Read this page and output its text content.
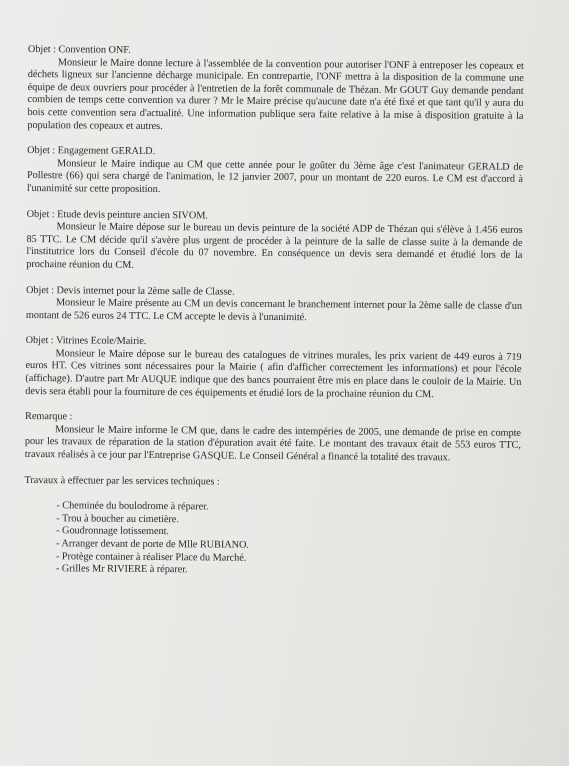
Objet : Convention ONF.

Monsieur le Maire donne lecture à l'assemblée de la convention pour autoriser l'ONF à entreposer les copeaux et déchets ligneux sur l'ancienne décharge municipale. En contrepartie, l'ONF mettra à la disposition de la commune une équipe de deux ouvriers pour procéder à l'entretien de la forêt communale de Thézan. Mr GOUT Guy demande pendant combien de temps cette convention va durer ? Mr le Maire précise qu'aucune date n'a été fixé et que tant qu'il y aura du bois cette convention sera d'actualité. Une information publique sera faite relative à la mise à disposition gratuite à la population des copeaux et autres.

Objet : Engagement GERALD.

Monsieur le Maire indique au CM que cette année pour le goûter du 3ème âge c'est l'animateur GERALD de Pollestre (66) qui sera chargé de l'animation, le 12 janvier 2007, pour un montant de 220 euros. Le CM est d'accord à l'unanimité sur cette proposition.

Objet : Etude devis peinture ancien SIVOM.

Monsieur le Maire dépose sur le bureau un devis peinture de la société ADP de Thézan qui s'élève à 1.456 euros 85 TTC. Le CM décide qu'il s'avère plus urgent de procéder à la peinture de la salle de classe suite à la demande de l'institutrice lors du Conseil d'école du 07 novembre. En conséquence un devis sera demandé et étudié lors de la prochaine réunion du CM.

Objet : Devis internet pour la 2ème salle de Classe.

Monsieur le Maire présente au CM un devis concernant le branchement internet pour la 2ème salle de classe d'un montant de 526 euros 24 TTC. Le CM accepte le devis à l'unanimité.

Objet : Vitrines Ecole/Mairie.

Monsieur le Maire dépose sur le bureau des catalogues de vitrines murales, les prix varient de 449 euros à 719 euros HT. Ces vitrines sont nécessaires pour la Mairie ( afin d'afficher correctement les informations) et pour l'école (affichage). D'autre part Mr AUQUE indique que des bancs pourraient être mis en place dans le couloir de la Mairie. Un devis sera établi pour la fourniture de ces équipements et étudié lors de la prochaine réunion du CM.

Remarque :

Monsieur le Maire informe le CM que, dans le cadre des intempéries de 2005, une demande de prise en compte pour les travaux de réparation de la station d'épuration avait été faite. Le montant des travaux était de 553 euros TTC, travaux réalisés à ce jour par l'Entreprise GASQUE. Le Conseil Général a financé la totalité des travaux.

Travaux à effectuer par les services techniques :

- Cheminée du boulodrome à réparer.
- Trou à boucher au cimetière.
- Goudronnage lotissement.
- Arranger devant de porte de Mlle RUBIANO.
- Protège container à réaliser Place du Marché.
- Grilles Mr RIVIERE à réparer.
